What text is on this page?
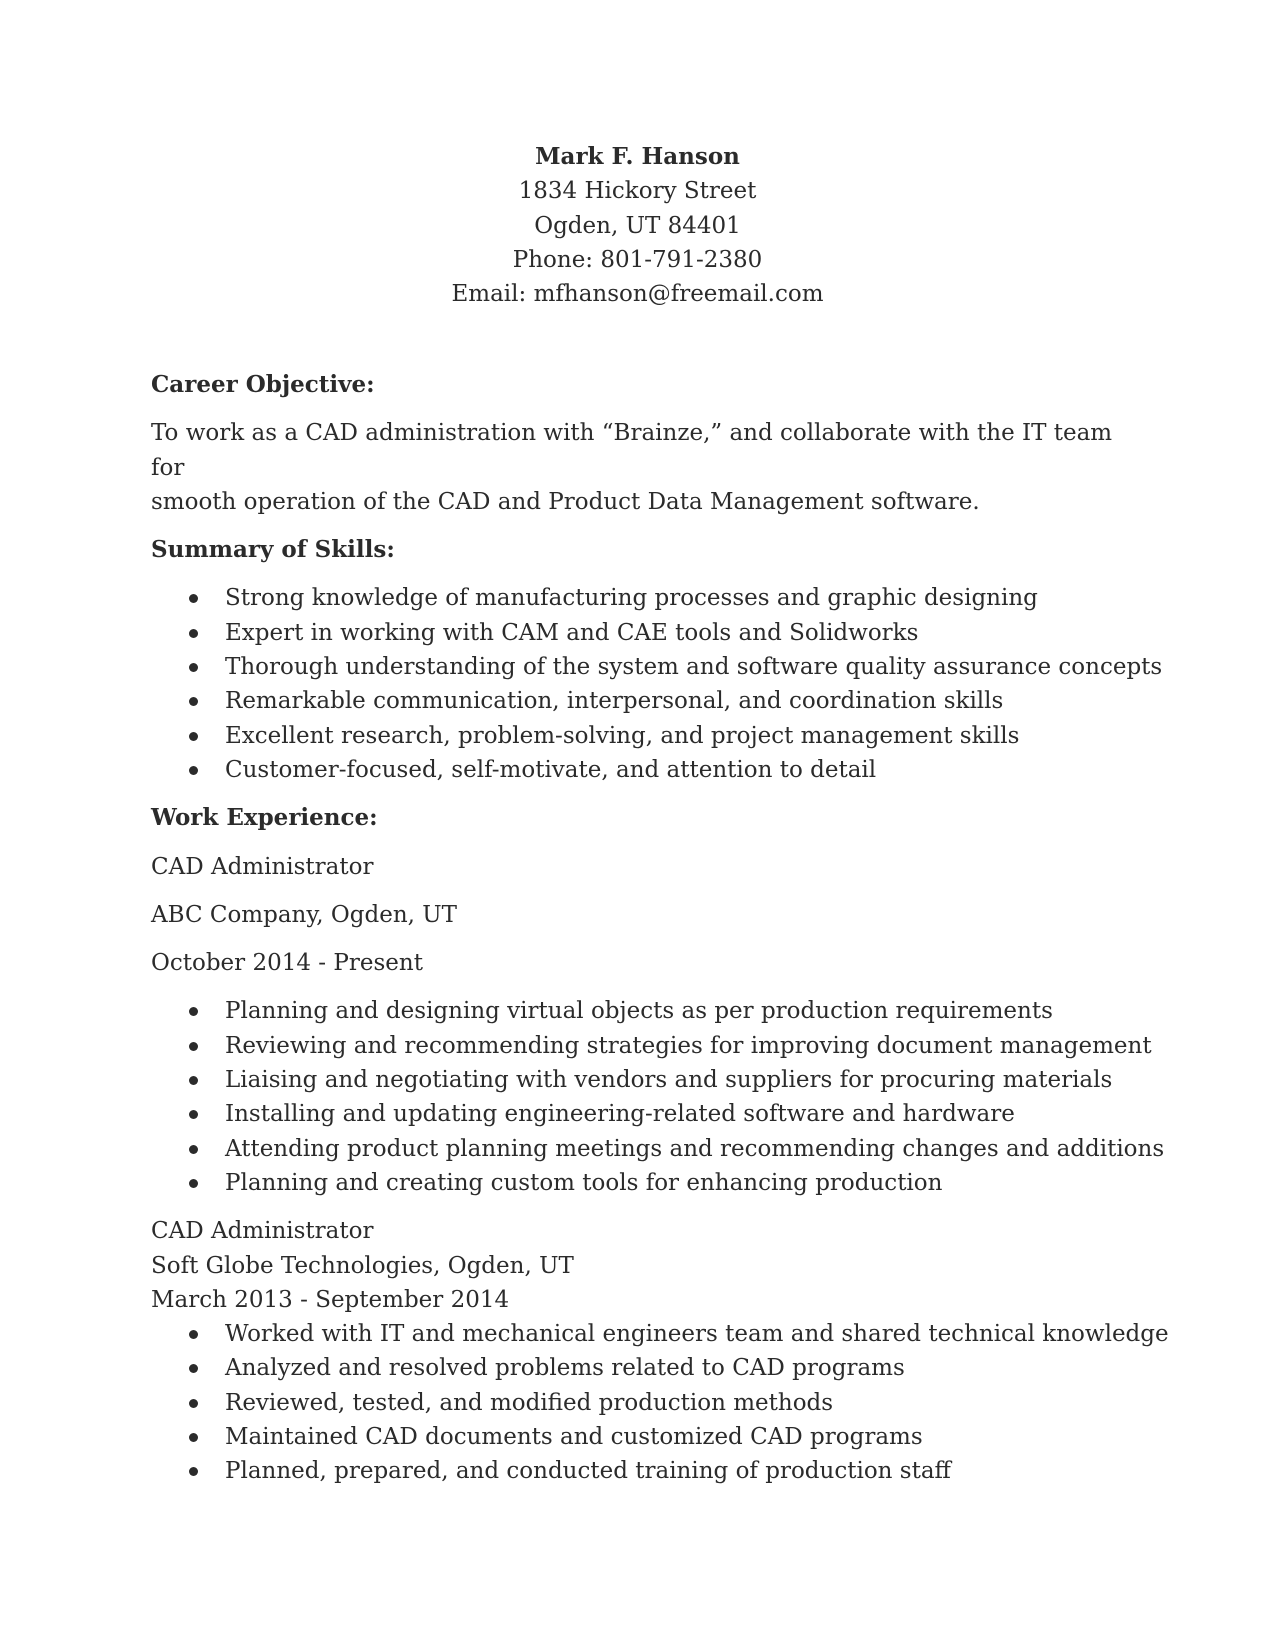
Mark F. Hanson
1834 Hickory Street
Ogden, UT 84401
Phone: 801-791-2380
Email: mfhanson@freemail.com

Career Objective:

To work as a CAD administration with “Brainze,” and collaborate with the IT team for

smooth operation of the CAD and Product Data Management software.

Summary of Skills:

Strong knowledge of manufacturing processes and graphic designing
Expert in working with CAM and CAE tools and Solidworks
Thorough understanding of the system and software quality assurance concepts
Remarkable communication, interpersonal, and coordination skills
Excellent research, problem-solving, and project management skills
Customer-focused, self-motivate, and attention to detail

Work Experience:

CAD Administrator

ABC Company, Ogden, UT

October 2014 - Present

Planning and designing virtual objects as per production requirements
Reviewing and recommending strategies for improving document management
Liaising and negotiating with vendors and suppliers for procuring materials
Installing and updating engineering-related software and hardware
Attending product planning meetings and recommending changes and additions
Planning and creating custom tools for enhancing production

CAD Administrator

Soft Globe Technologies, Ogden, UT

March 2013 - September 2014

Worked with IT and mechanical engineers team and shared technical knowledge
Analyzed and resolved problems related to CAD programs
Reviewed, tested, and modified production methods
Maintained CAD documents and customized CAD programs
Planned, prepared, and conducted training of production staff
